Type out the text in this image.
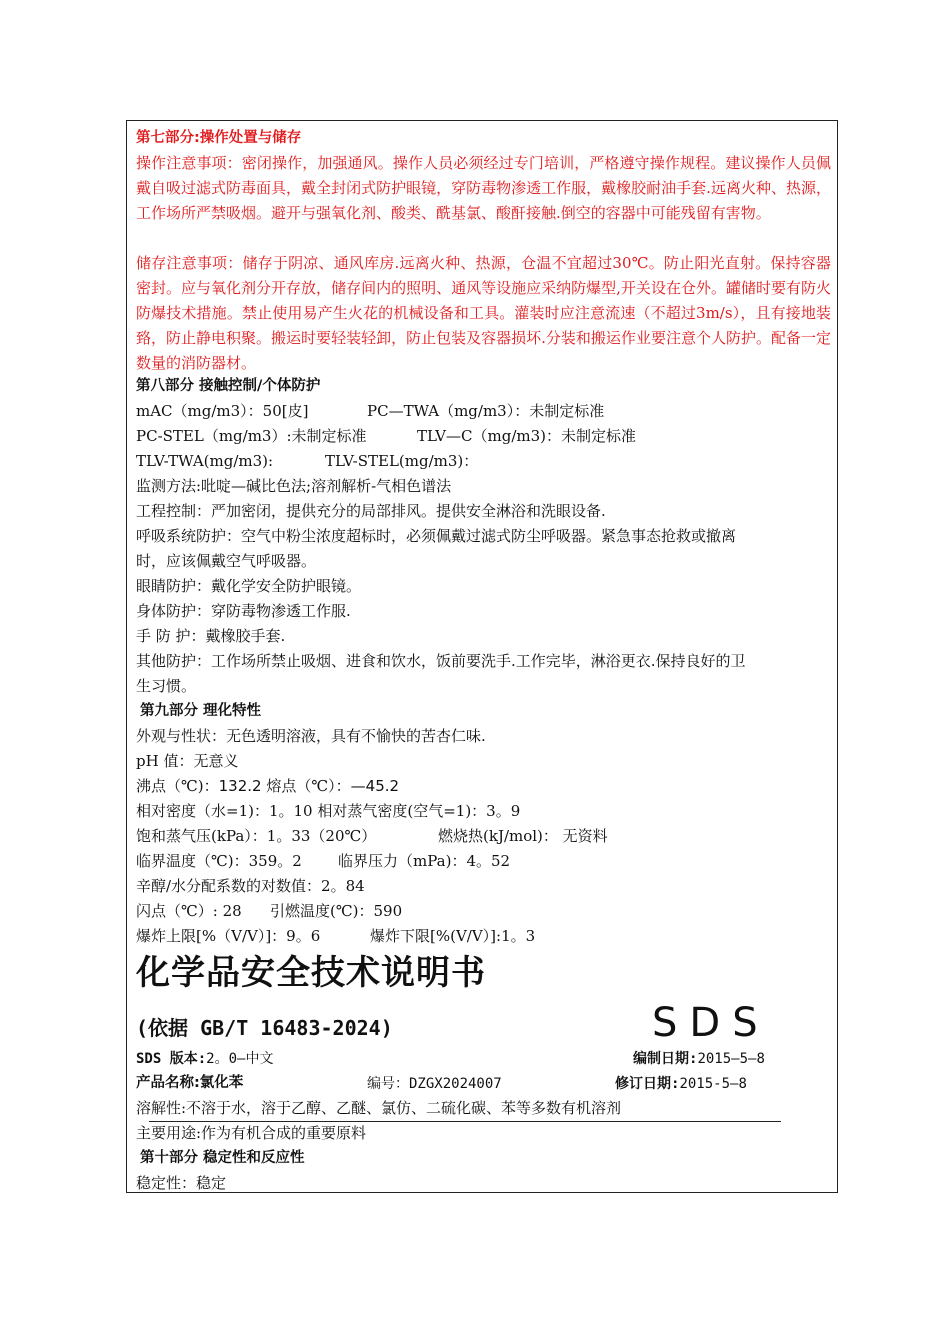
第七部分:操作处置与储存
操作注意事项：密闭操作，加强通风。操作人员必须经过专门培训，严格遵守操作规程。建议操作人员佩戴自吸过滤式防毒面具，戴全封闭式防护眼镜，穿防毒物渗透工作服，戴橡胶耐油手套.远离火种、热源，工作场所严禁吸烟。避开与强氧化剂、酸类、酰基氯、酸酐接触.倒空的容器中可能残留有害物。
储存注意事项：储存于阴凉、通风库房.远离火种、热源，仓温不宜超过30℃。防止阳光直射。保持容器密封。应与氧化剂分开存放，储存间内的照明、通风等设施应采纳防爆型,开关设在仓外。罐储时要有防火防爆技术措施。禁止使用易产生火花的机械设备和工具。灌装时应注意流速（不超过3m/s），且有接地装臵，防止静电积聚。搬运时要轻装轻卸，防止包装及容器损坏.分装和搬运作业要注意个人防护。配备一定数量的消防器材。
第八部分 接触控制/个体防护
mAC（mg/m3）：50[皮]	PC—TWA（mg/m3）：未制定标准
PC-STEL（mg/m3）:未制定标准	TLV—C（mg/m3)：未制定标准
TLV-TWA(mg/m3):	TLV-STEL(mg/m3)：
监测方法:吡啶—碱比色法;溶剂解析-气相色谱法
工程控制：严加密闭，提供充分的局部排风。提供安全淋浴和洗眼设备.
呼吸系统防护：空气中粉尘浓度超标时，必须佩戴过滤式防尘呼吸器。紧急事态抢救或撤离
时，应该佩戴空气呼吸器。
眼睛防护：戴化学安全防护眼镜。
身体防护：穿防毒物渗透工作服.
手 防 护：戴橡胶手套.
其他防护：工作场所禁止吸烟、进食和饮水，饭前要洗手.工作完毕，淋浴更衣.保持良好的卫
生习惯。
第九部分 理化特性
外观与性状：无色透明溶液，具有不愉快的苦杏仁味.
pH 值：无意义
沸点（℃)：132.2 熔点（℃）：—45.2
相对密度（水=1)：1。10 相对蒸气密度(空气=1)：3。9
饱和蒸气压(kPa）：1。33（20℃）	燃烧热(kJ/mol)： 无资料
临界温度（℃)：359。2 临界压力（mPa)：4。52
辛醇/水分配系数的对数值：2。84
闪点（℃）: 28 引燃温度(℃)：590
爆炸上限[%（V/V）]：9。6	爆炸下限[%(V/V）]:1。3
化学品安全技术说明书
(依据 GB/T 16483-2024)	SDS
SDS 版本:2。0—中文	编制日期:2015—5—8
产品名称:氯化苯	编号：DZGX2024007	修订日期:2015-5—8
溶解性:不溶于水，溶于乙醇、乙醚、氯仿、二硫化碳、苯等多数有机溶剂
主要用途:作为有机合成的重要原料
第十部分 稳定性和反应性
稳定性：稳定
